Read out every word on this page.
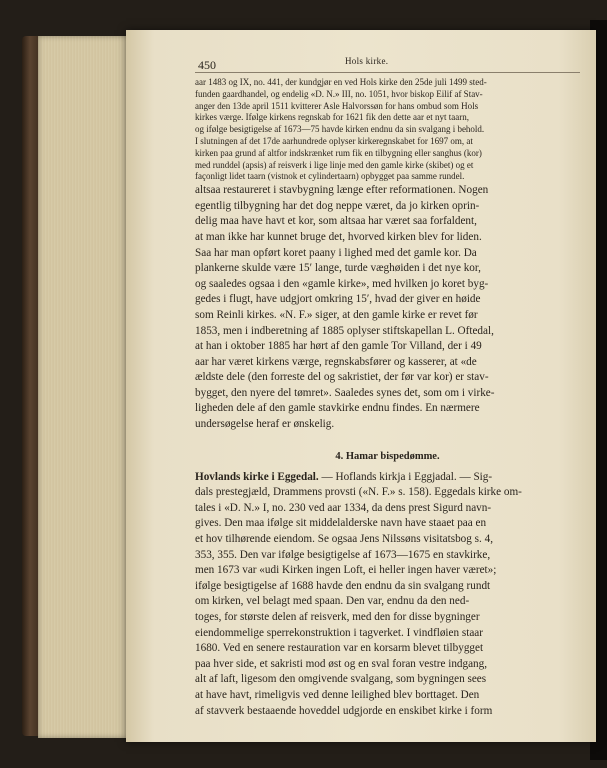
450	Hols kirke.

aar 1483 og IX, no. 441, der kundgjør en ved Hols kirke den 25de juli 1499 sted-

funden gaardhandel, og endelig «D. N.» III, no. 1051, hvor biskop Eilif af Stav-

anger den 13de april 1511 kvitterer Asle Halvorssøn for hans ombud som Hols

kirkes værge. Ifølge kirkens regnskab for 1621 fik den dette aar et nyt taarn,

og ifølge besigtigelse af 1673—75 havde kirken endnu da sin svalgang i behold.

I slutningen af det 17de aarhundrede oplyser kirkeregnskabet for 1697 om, at

kirken paa grund af altfor indskrænket rum fik en tilbygning eller sanghus (kor)

med runddel (apsis) af reisverk i lige linje med den gamle kirke (skibet) og et

façonligt lidet taarn (vistnok et cylindertaarn) opbygget paa samme rundel.

altsaa restaureret i stavbygning længe efter reformationen. Nogen

egentlig tilbygning har det dog neppe været, da jo kirken oprin-

delig maa have havt et kor, som altsaa har været saa forfaldent,

at man ikke har kunnet bruge det, hvorved kirken blev for liden.

Saa har man opført koret paany i lighed med det gamle kor. Da

plankerne skulde være 15′ lange, turde væghøiden i det nye kor,

og saaledes ogsaa i den «gamle kirke», med hvilken jo koret byg-

gedes i flugt, have udgjort omkring 15′, hvad der giver en høide

som Reinli kirkes. «N. F.» siger, at den gamle kirke er revet før

1853, men i indberetning af 1885 oplyser stiftskapellan L. Oftedal,

at han i oktober 1885 har hørt af den gamle Tor Villand, der i 49

aar har været kirkens værge, regnskabsfører og kasserer, at «de

ældste dele (den forreste del og sakristiet, der før var kor) er stav-

bygget, den nyere del tømret». Saaledes synes det, som om i virke-

ligheden dele af den gamle stavkirke endnu findes. En nærmere

undersøgelse heraf er ønskelig.

4. Hamar bispedømme.

Hovlands kirke i Eggedal. — Hoflands kirkja i Eggjadal. — Sig-

dals prestegjæld, Drammens provsti («N. F.» s. 158). Eggedals kirke om-

tales i «D. N.» I, no. 230 ved aar 1334, da dens prest Sigurd navn-

gives. Den maa ifølge sit middelalderske navn have staaet paa en

et hov tilhørende eiendom. Se ogsaa Jens Nilssøns visitatsbog s. 4,

353, 355. Den var ifølge besigtigelse af 1673—1675 en stavkirke,

men 1673 var «udi Kirken ingen Loft, ei heller ingen haver været»;

ifølge besigtigelse af 1688 havde den endnu da sin svalgang rundt

om kirken, vel belagt med spaan. Den var, endnu da den ned-

toges, for største delen af reisverk, med den for disse bygninger

eiendommelige sperrekonstruktion i tagverket. I vindfløien staar

1680. Ved en senere restauration var en korsarm blevet tilbygget

paa hver side, et sakristi mod øst og en sval foran vestre indgang,

alt af laft, ligesom den omgivende svalgang, som bygningen sees

at have havt, rimeligvis ved denne leilighed blev borttaget. Den

af stavverk bestaaende hoveddel udgjorde en enskibet kirke i form
